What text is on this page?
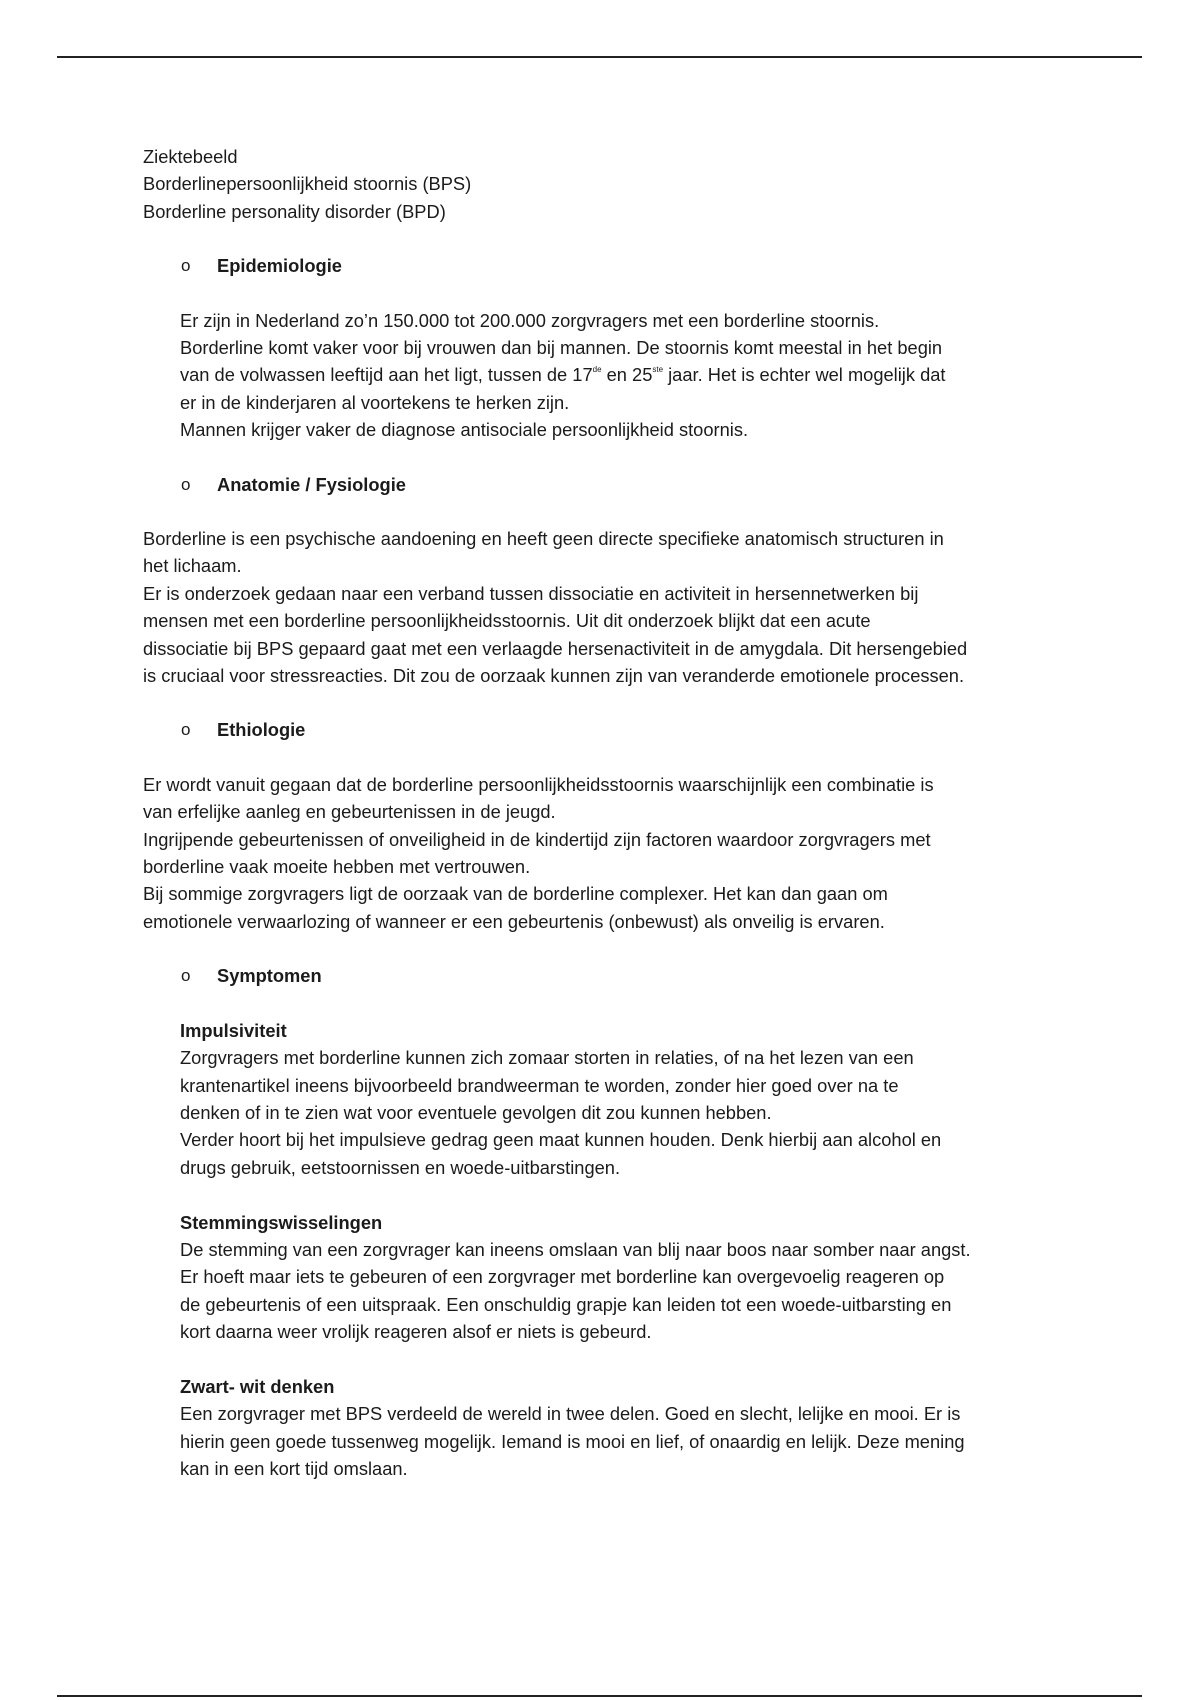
Ziektebeeld
Borderlinepersoonlijkheid stoornis (BPS)
Borderline personality disorder (BPD)
o	Epidemiologie
Er zijn in Nederland zo’n 150.000 tot 200.000 zorgvragers met een borderline stoornis.
Borderline komt vaker voor bij vrouwen dan bij mannen. De stoornis komt meestal in het begin
van de volwassen leeftijd aan het ligt, tussen de 17de en 25ste jaar. Het is echter wel mogelijk dat
er in de kinderjaren al voortekens te herken zijn.
Mannen krijger vaker de diagnose antisociale persoonlijkheid stoornis.
o	Anatomie / Fysiologie
Borderline is een psychische aandoening en heeft geen directe specifieke anatomisch structuren in
het lichaam.
Er is onderzoek gedaan naar een verband tussen dissociatie en activiteit in hersennetwerken bij
mensen met een borderline persoonlijkheidsstoornis. Uit dit onderzoek blijkt dat een acute
dissociatie bij BPS gepaard gaat met een verlaagde hersenactiviteit in de amygdala. Dit hersengebied
is cruciaal voor stressreacties. Dit zou de oorzaak kunnen zijn van veranderde emotionele processen.
o	Ethiologie
Er wordt vanuit gegaan dat de borderline persoonlijkheidsstoornis waarschijnlijk een combinatie is
van erfelijke aanleg en gebeurtenissen in de jeugd.
Ingrijpende gebeurtenissen of onveiligheid in de kindertijd zijn factoren waardoor zorgvragers met
borderline vaak moeite hebben met vertrouwen.
Bij sommige zorgvragers ligt de oorzaak van de borderline complexer. Het kan dan gaan om
emotionele verwaarlozing of wanneer er een gebeurtenis (onbewust) als onveilig is ervaren.
o	Symptomen
Impulsiviteit
Zorgvragers met borderline kunnen zich zomaar storten in relaties, of na het lezen van een
krantenartikel ineens bijvoorbeeld brandweerman te worden, zonder hier goed over na te
denken of in te zien wat voor eventuele gevolgen dit zou kunnen hebben.
Verder hoort bij het impulsieve gedrag geen maat kunnen houden. Denk hierbij aan alcohol en
drugs gebruik, eetstoornissen en woede-uitbarstingen.
Stemmingswisselingen
De stemming van een zorgvrager kan ineens omslaan van blij naar boos naar somber naar angst.
Er hoeft maar iets te gebeuren of een zorgvrager met borderline kan overgevoelig reageren op
de gebeurtenis of een uitspraak. Een onschuldig grapje kan leiden tot een woede-uitbarsting en
kort daarna weer vrolijk reageren alsof er niets is gebeurd.
Zwart- wit denken
Een zorgvrager met BPS verdeeld de wereld in twee delen. Goed en slecht, lelijke en mooi. Er is
hierin geen goede tussenweg mogelijk. Iemand is mooi en lief, of onaardig en lelijk. Deze mening
kan in een kort tijd omslaan.
